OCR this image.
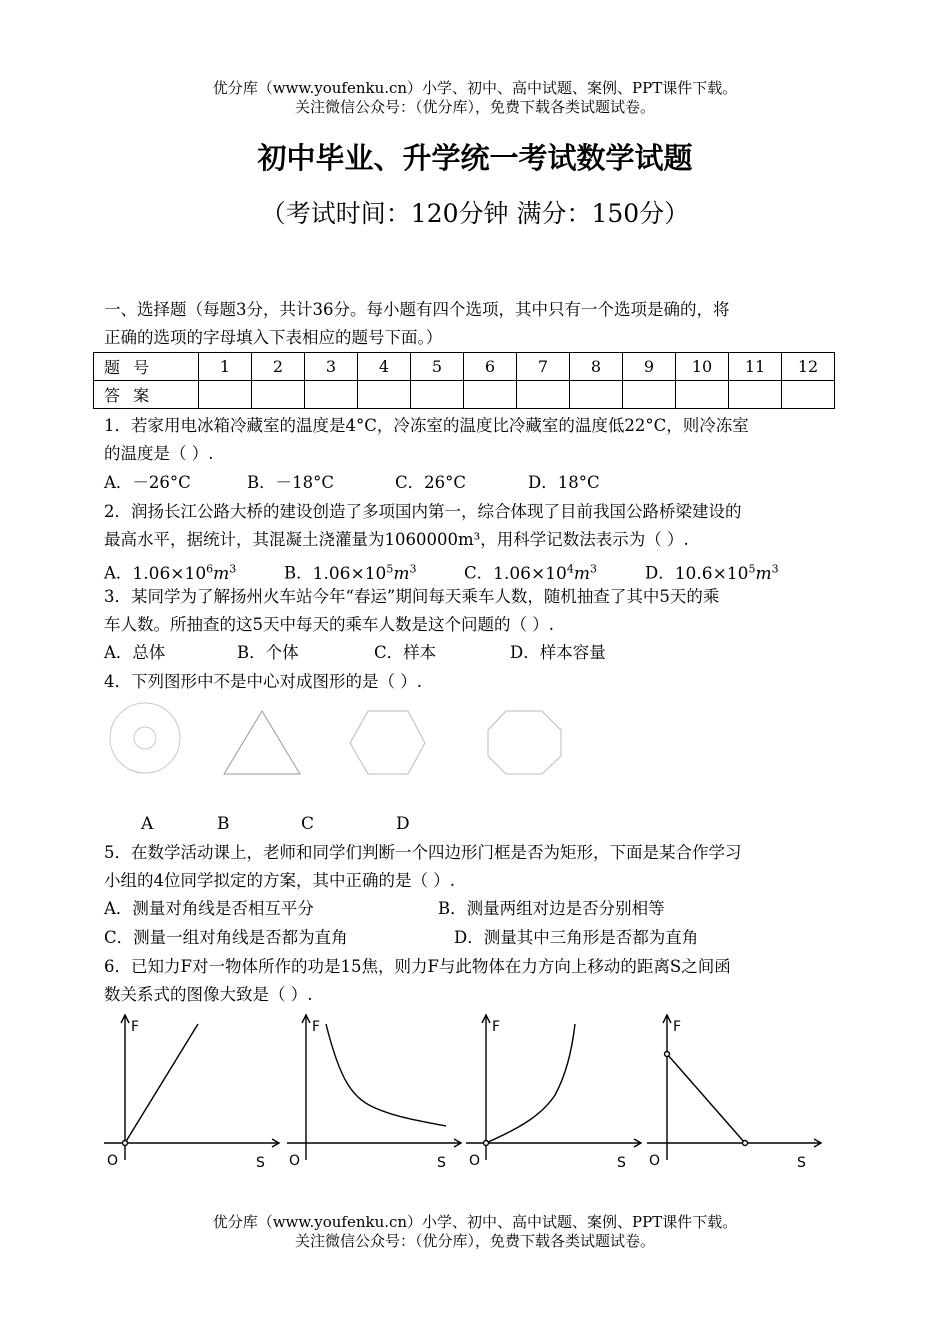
优分库（www.youfenku.cn）小学、初中、高中试题、案例、PPT课件下载。
关注微信公众号：（优分库），免费下载各类试题试卷。
初中毕业、升学统一考试数学试题
（考试时间：120分钟 满分：150分）
一、选择题（每题3分，共计36分。每小题有四个选项，其中只有一个选项是确的，将
正确的选项的字母填入下表相应的题号下面。）
题 号	1	2	3	4	5	6	7	8	9	10	11	12
答 案												
1．若家用电冰箱冷藏室的温度是4°C，冷冻室的温度比冷藏室的温度低22°C，则冷冻室
的温度是（ ）.
A．－26°C	B．－18°C	C．26°C	D．18°C
2．润扬长江公路大桥的建设创造了多项国内第一，综合体现了目前我国公路桥梁建设的
最高水平，据统计，其混凝土浇灌量为1060000m³，用科学记数法表示为（ ）.
A．$1.06\times 10^6m^3$	B．$1.06\times 10^5m^3$	C．$1.06\times 10^4m^3$	D．$10.6\times 10^5m^3$
3．某同学为了解扬州火车站今年“春运”期间每天乘车人数，随机抽查了其中5天的乘
车人数。所抽查的这5天中每天的乘车人数是这个问题的（ ）.
A．总体	B．个体	C．样本	D．样本容量
4．下列图形中不是中心对成图形的是（ ）.
A	B	C	D
5．在数学活动课上，老师和同学们判断一个四边形门框是否为矩形，下面是某合作学习
小组的4位同学拟定的方案，其中正确的是（ ）.
A．测量对角线是否相互平分	B．测量两组对边是否分别相等
C．测量一组对角线是否都为直角	D．测量其中三角形是否都为直角
6．已知力F对一物体所作的功是15焦，则力F与此物体在力方向上移动的距离S之间函
数关系式的图像大致是（ ）.
F
O	S
F
O	S
F
O	S
F
O	S
优分库（www.youfenku.cn）小学、初中、高中试题、案例、PPT课件下载。
关注微信公众号：（优分库），免费下载各类试题试卷。
